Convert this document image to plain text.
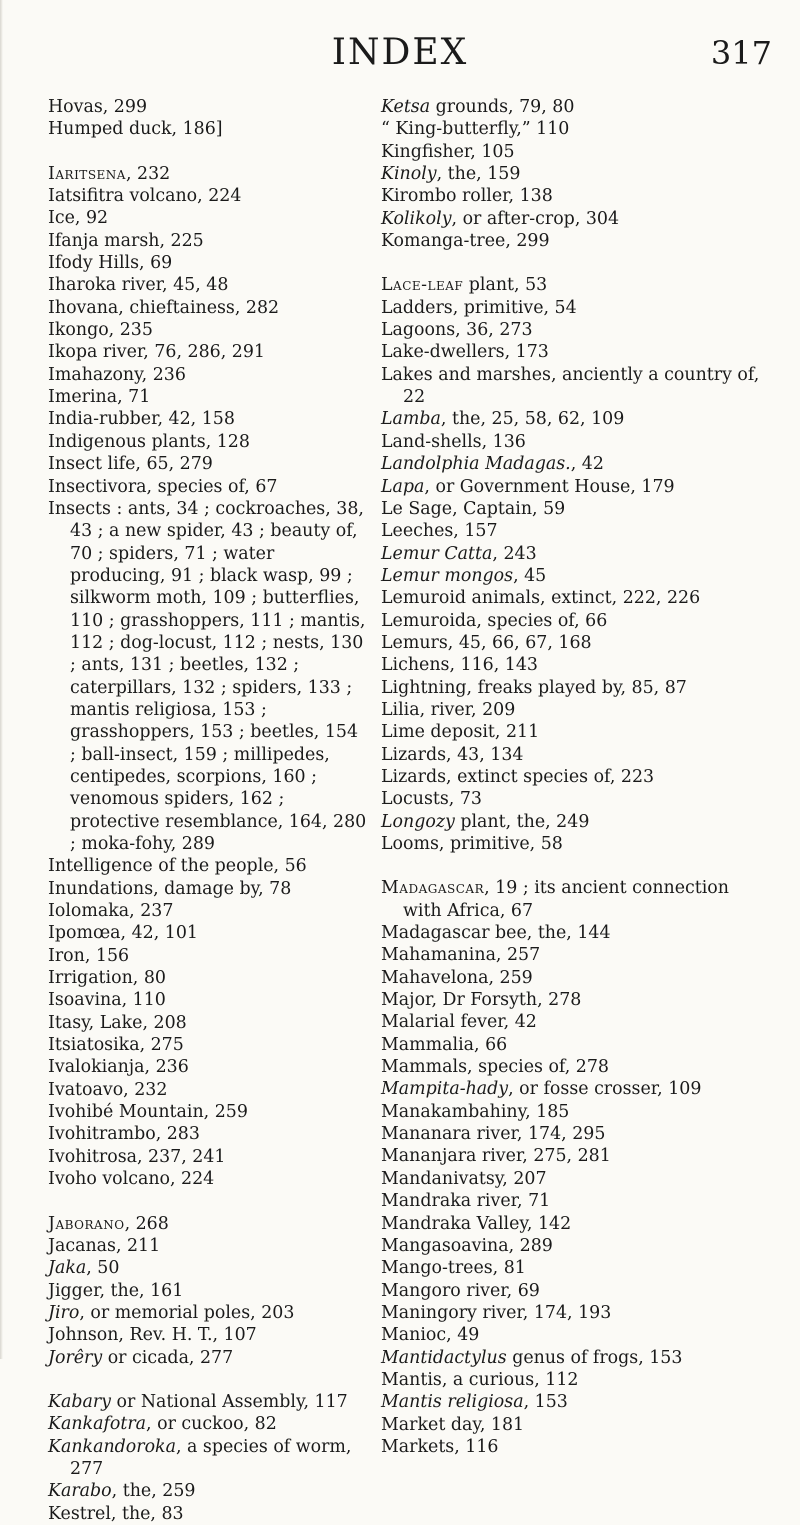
INDEX	317
Hovas, 299
Humped duck, 186]
Iaritsena, 232
Iatsifitra volcano, 224
Ice, 92
Ifanja marsh, 225
Ifody Hills, 69
Iharoka river, 45, 48
Ihovana, chieftainess, 282
Ikongo, 235
Ikopa river, 76, 286, 291
Imahazony, 236
Imerina, 71
India-rubber, 42, 158
Indigenous plants, 128
Insect life, 65, 279
Insectivora, species of, 67
Insects : ants, 34 ; cockroaches, 38, 43 ; a new spider, 43 ; beauty of, 70 ; spiders, 71 ; water producing, 91 ; black wasp, 99 ; silkworm moth, 109 ; butterflies, 110 ; grasshoppers, 111 ; mantis, 112 ; dog-locust, 112 ; nests, 130 ; ants, 131 ; beetles, 132 ; caterpillars, 132 ; spiders, 133 ; mantis religiosa, 153 ; grasshoppers, 153 ; beetles, 154 ; ball-insect, 159 ; millipedes, centipedes, scorpions, 160 ; venomous spiders, 162 ; protective resemblance, 164, 280 ; moka-fohy, 289
Intelligence of the people, 56
Inundations, damage by, 78
Iolomaka, 237
Ipomœa, 42, 101
Iron, 156
Irrigation, 80
Isoavina, 110
Itasy, Lake, 208
Itsiatosika, 275
Ivalokianja, 236
Ivatoavo, 232
Ivohibé Mountain, 259
Ivohitrambo, 283
Ivohitrosa, 237, 241
Ivoho volcano, 224
Jaborano, 268
Jacanas, 211
Jaka, 50
Jigger, the, 161
Jiro, or memorial poles, 203
Johnson, Rev. H. T., 107
Jorêry or cicada, 277
Kabary or National Assembly, 117
Kankafotra, or cuckoo, 82
Kankandoroka, a species of worm, 277
Karabo, the, 259
Kestrel, the, 83
Ketsa grounds, 79, 80
“ King-butterfly,” 110
Kingfisher, 105
Kinoly, the, 159
Kirombo roller, 138
Kolikoly, or after-crop, 304
Komanga-tree, 299
Lace-leaf plant, 53
Ladders, primitive, 54
Lagoons, 36, 273
Lake-dwellers, 173
Lakes and marshes, anciently a country of, 22
Lamba, the, 25, 58, 62, 109
Land-shells, 136
Landolphia Madagas., 42
Lapa, or Government House, 179
Le Sage, Captain, 59
Leeches, 157
Lemur Catta, 243
Lemur mongos, 45
Lemuroid animals, extinct, 222, 226
Lemuroida, species of, 66
Lemurs, 45, 66, 67, 168
Lichens, 116, 143
Lightning, freaks played by, 85, 87
Lilia, river, 209
Lime deposit, 211
Lizards, 43, 134
Lizards, extinct species of, 223
Locusts, 73
Longozy plant, the, 249
Looms, primitive, 58
Madagascar, 19 ; its ancient connection with Africa, 67
Madagascar bee, the, 144
Mahamanina, 257
Mahavelona, 259
Major, Dr Forsyth, 278
Malarial fever, 42
Mammalia, 66
Mammals, species of, 278
Mampita-hady, or fosse crosser, 109
Manakambahiny, 185
Mananara river, 174, 295
Mananjara river, 275, 281
Mandanivatsy, 207
Mandraka river, 71
Mandraka Valley, 142
Mangasoavina, 289
Mango-trees, 81
Mangoro river, 69
Maningory river, 174, 193
Manioc, 49
Mantidactylus genus of frogs, 153
Mantis, a curious, 112
Mantis religiosa, 153
Market day, 181
Markets, 116
